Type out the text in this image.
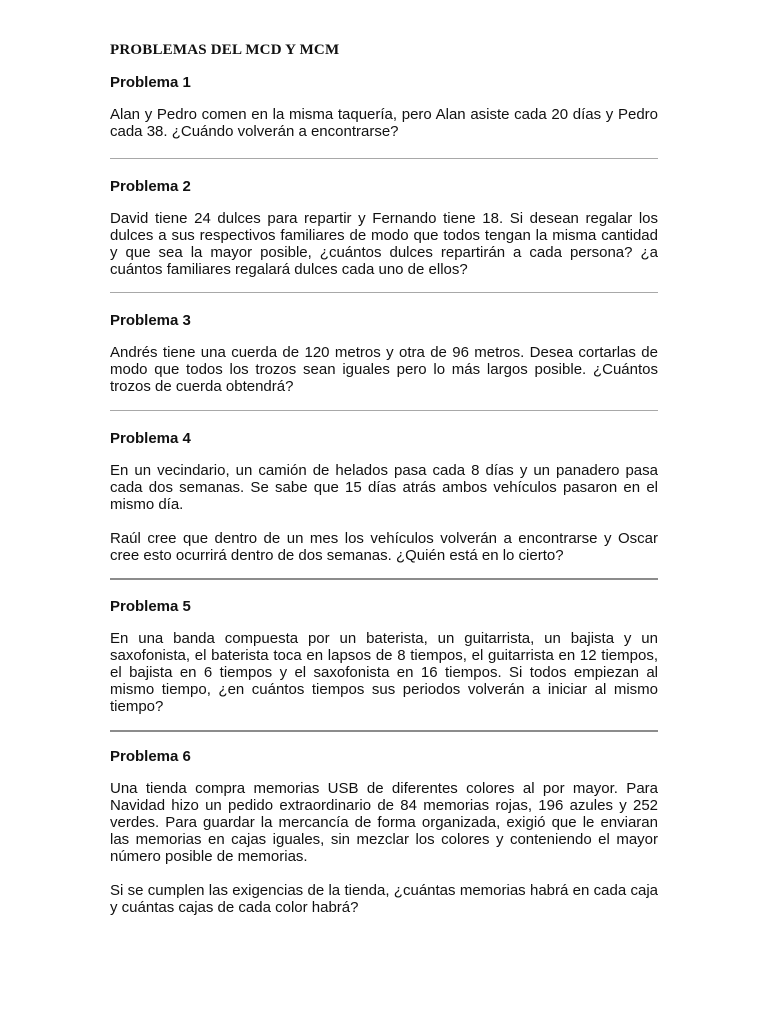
PROBLEMAS DEL MCD Y MCM
Problema 1

Alan y Pedro comen en la misma taquería, pero Alan asiste cada 20 días y Pedro cada 38. ¿Cuándo volverán a encontrarse?

Problema 2

David tiene 24 dulces para repartir y Fernando tiene 18. Si desean regalar los dulces a sus respectivos familiares de modo que todos tengan la misma cantidad y que sea la mayor posible, ¿cuántos dulces repartirán a cada persona? ¿a cuántos familiares regalará dulces cada uno de ellos?

Problema 3

Andrés tiene una cuerda de 120 metros y otra de 96 metros. Desea cortarlas de modo que todos los trozos sean iguales pero lo más largos posible. ¿Cuántos trozos de cuerda obtendrá?

Problema 4

En un vecindario, un camión de helados pasa cada 8 días y un panadero pasa cada dos semanas. Se sabe que 15 días atrás ambos vehículos pasaron en el mismo día.

Raúl cree que dentro de un mes los vehículos volverán a encontrarse y Oscar cree esto ocurrirá dentro de dos semanas. ¿Quién está en lo cierto?

Problema 5

En una banda compuesta por un baterista, un guitarrista, un bajista y un saxofonista, el baterista toca en lapsos de 8 tiempos, el guitarrista en 12 tiempos, el bajista en 6 tiempos y el saxofonista en 16 tiempos. Si todos empiezan al mismo tiempo, ¿en cuántos tiempos sus periodos volverán a iniciar al mismo tiempo?

Problema 6

Una tienda compra memorias USB de diferentes colores al por mayor. Para Navidad hizo un pedido extraordinario de 84 memorias rojas, 196 azules y 252 verdes. Para guardar la mercancía de forma organizada, exigió que le enviaran las memorias en cajas iguales, sin mezclar los colores y conteniendo el mayor número posible de memorias.

Si se cumplen las exigencias de la tienda, ¿cuántas memorias habrá en cada caja y cuántas cajas de cada color habrá?
